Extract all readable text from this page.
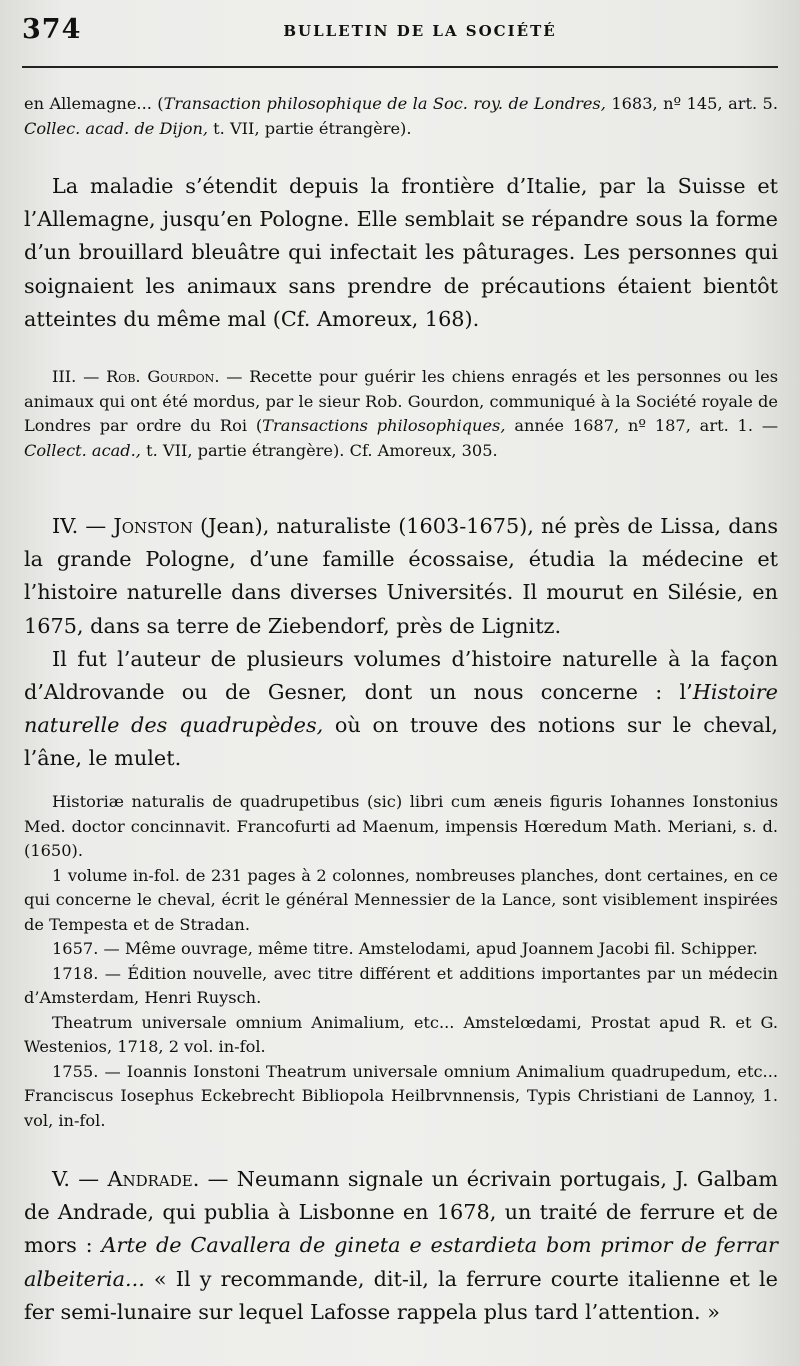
374	BULLETIN DE LA SOCIÉTÉ

en Allemagne... (Transaction philosophique de la Soc. roy. de Londres, 1683, nº 145, art. 5. Collec. acad. de Dijon, t. VII, partie étrangère).

La maladie s’étendit depuis la frontière d’Italie, par la Suisse et l’Allemagne, jusqu’en Pologne. Elle semblait se répandre sous la forme d’un brouillard bleuâtre qui infectait les pâturages. Les personnes qui soignaient les animaux sans prendre de précautions étaient bientôt atteintes du même mal (Cf. Amoreux, 168).

III. — Rob. Gourdon. — Recette pour guérir les chiens enragés et les personnes ou les animaux qui ont été mordus, par le sieur Rob. Gourdon, communiqué à la Société royale de Londres par ordre du Roi (Transactions philosophiques, année 1687, nº 187, art. 1. — Collect. acad., t. VII, partie étrangère). Cf. Amoreux, 305.

IV. — Jonston (Jean), naturaliste (1603-1675), né près de Lissa, dans la grande Pologne, d’une famille écossaise, étudia la médecine et l’histoire naturelle dans diverses Universités. Il mourut en Silésie, en 1675, dans sa terre de Ziebendorf, près de Lignitz.

Il fut l’auteur de plusieurs volumes d’histoire naturelle à la façon d’Aldrovande ou de Gesner, dont un nous concerne : l’Histoire naturelle des quadrupèdes, où on trouve des notions sur le cheval, l’âne, le mulet.

Historiæ naturalis de quadrupetibus (sic) libri cum æneis figuris Iohannes Ionstonius Med. doctor concinnavit. Francofurti ad Maenum, impensis Hœredum Math. Meriani, s. d. (1650).

1 volume in-fol. de 231 pages à 2 colonnes, nombreuses planches, dont certaines, en ce qui concerne le cheval, écrit le général Mennessier de la Lance, sont visiblement inspirées de Tempesta et de Stradan.

1657. — Même ouvrage, même titre. Amstelodami, apud Joannem Jacobi fil. Schipper.

1718. — Édition nouvelle, avec titre différent et additions importantes par un médecin d’Amsterdam, Henri Ruysch.

Theatrum universale omnium Animalium, etc... Amstelœdami, Prostat apud R. et G. Westenios, 1718, 2 vol. in-fol.

1755. — Ioannis Ionstoni Theatrum universale omnium Animalium quadrupedum, etc... Franciscus Iosephus Eckebrecht Bibliopola Heilbrvnnensis, Typis Christiani de Lannoy, 1. vol, in-fol.

V. — Andrade. — Neumann signale un écrivain portugais, J. Galbam de Andrade, qui publia à Lisbonne en 1678, un traité de ferrure et de mors : Arte de Cavallera de gineta e estardieta bom primor de ferrar albeiteria... « Il y recommande, dit-il, la ferrure courte italienne et le fer semi-lunaire sur lequel Lafosse rappela plus tard l’attention. »
